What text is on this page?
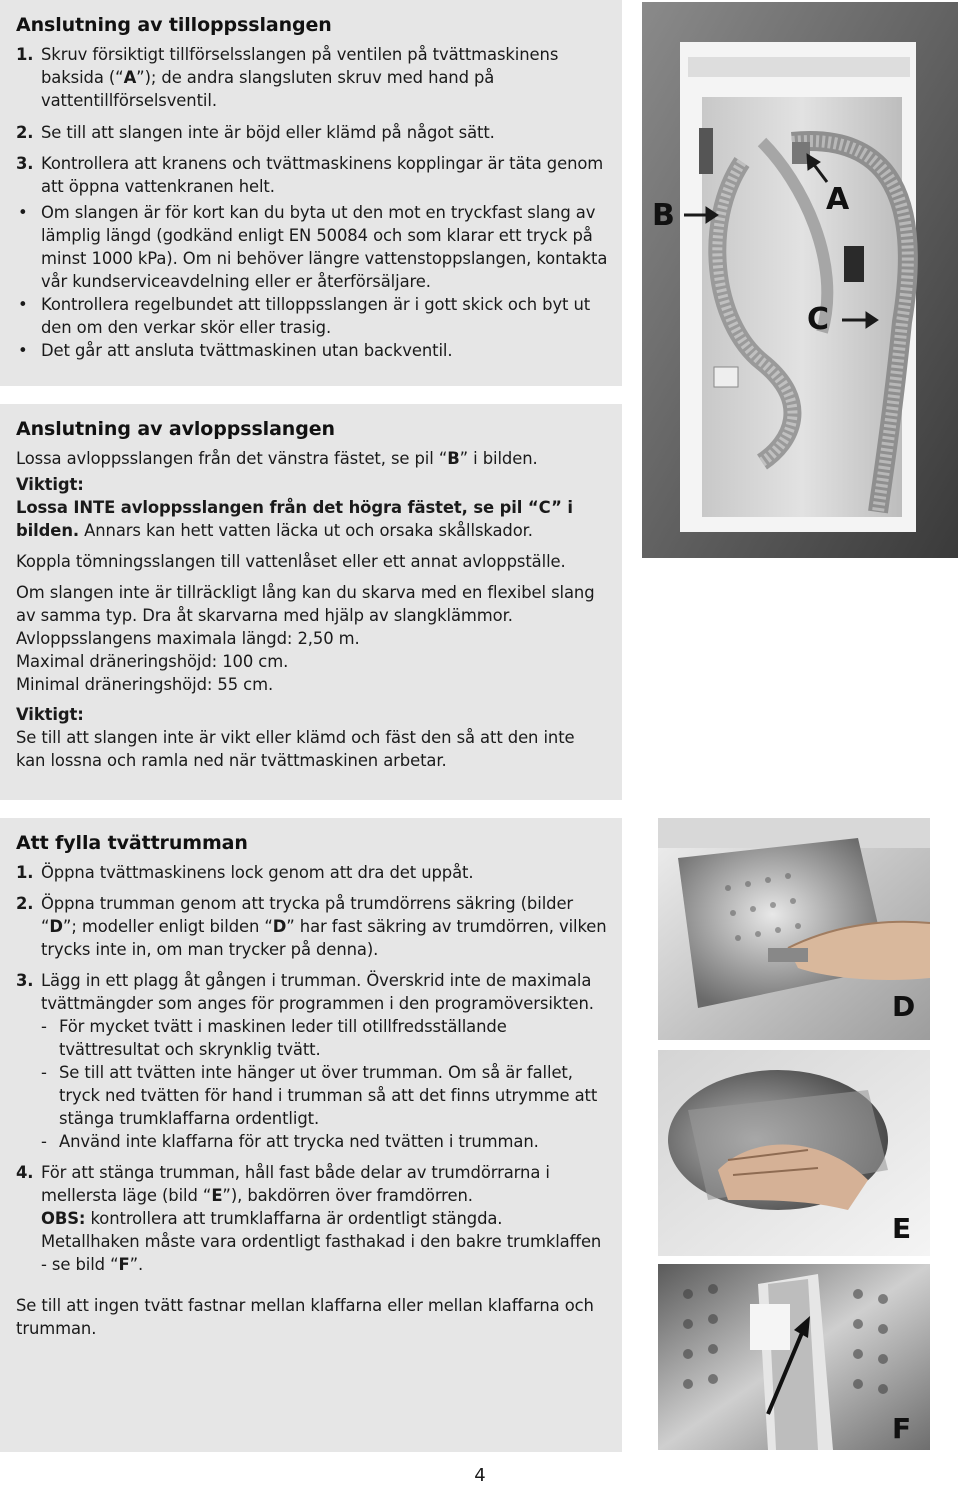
Anslutning av tilloppsslangen
1. Skruv försiktigt tillförselsslangen på ventilen på tvättmaskinens baksida (“A”); de andra slangsluten skruv med hand på vattentillförselsventil.
2. Se till att slangen inte är böjd eller klämd på något sätt.
3. Kontrollera att kranens och tvättmaskinens kopplingar är täta genom att öppna vattenkranen helt.
• Om slangen är för kort kan du byta ut den mot en tryckfast slang av lämplig längd (godkänd enligt EN 50084 och som klarar ett tryck på minst 1000 kPa). Om ni behöver längre vattenstoppslangen, kontakta vår kundserviceavdelning eller er återförsäljare.
• Kontrollera regelbundet att tilloppsslangen är i gott skick och byt ut den om den verkar skör eller trasig.
• Det går att ansluta tvättmaskinen utan backventil.
B	A
C
Anslutning av avloppsslangen

Lossa avloppsslangen från det vänstra fästet, se pil “B” i bilden.

Viktigt:

Lossa INTE avloppsslangen från det högra fästet, se pil “C” i bilden. Annars kan hett vatten läcka ut och orsaka skållskador.

Koppla tömningsslangen till vattenlåset eller ett annat avloppställe.

Om slangen inte är tillräckligt lång kan du skarva med en flexibel slang av samma typ. Dra åt skarvarna med hjälp av slangklämmor.

Avloppsslangens maximala längd: 2,50 m.

Maximal dräneringshöjd: 100 cm.

Minimal dräneringshöjd: 55 cm.

Viktigt:

Se till att slangen inte är vikt eller klämd och fäst den så att den inte kan lossna och ramla ned när tvättmaskinen arbetar.

Att fylla tvättrumman
1. Öppna tvättmaskinens lock genom att dra det uppåt.
2. Öppna trumman genom att trycka på trumdörrens säkring (bilder “D”; modeller enligt bilden “D” har fast säkring av trumdörren, vilken trycks inte in, om man trycker på denna).
3. Lägg in ett plagg åt gången i trumman. Överskrid inte de maximala tvättmängder som anges för programmen i den programöversikten.
- För mycket tvätt i maskinen leder till otillfredsställande tvättresultat och skrynklig tvätt.
- Se till att tvätten inte hänger ut över trumman. Om så är fallet, tryck ned tvätten för hand i trumman så att det finns utrymme att stänga trumklaffarna ordentligt.
- Använd inte klaffarna för att trycka ned tvätten i trumman.
4. För att stänga trumman, håll fast både delar av trumdörrarna i mellersta läge (bild “E”), bakdörren över framdörren.
OBS: kontrollera att trumklaffarna är ordentligt stängda.
Metallhaken måste vara ordentligt fasthakad i den bakre trumklaffen - se bild “F”.

Se till att ingen tvätt fastnar mellan klaffarna eller mellan klaffarna och trumman.

D
E
F
4
